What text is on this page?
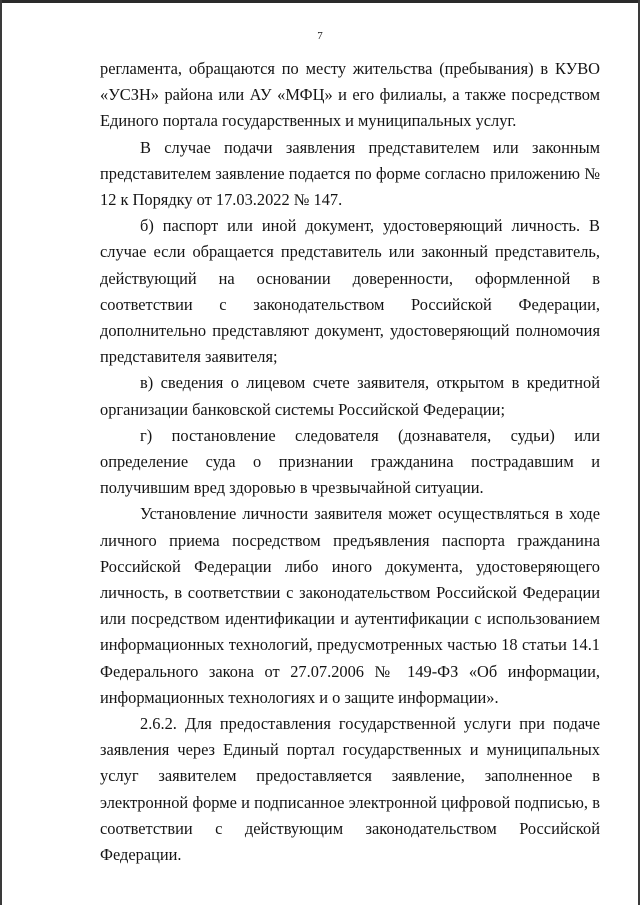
7

регламента, обращаются по месту жительства (пребывания) в КУВО «УСЗН» района или АУ «МФЦ» и его филиалы, а также посредством Единого портала государственных и муниципальных услуг.

В случае подачи заявления представителем или законным представителем заявление подается по форме согласно приложению № 12 к Порядку от 17.03.2022 № 147.

б) паспорт или иной документ, удостоверяющий личность. В случае если обращается представитель или законный представитель, действующий на основании доверенности, оформленной в соответствии с законодательством Российской Федерации, дополнительно представляют документ, удостоверяющий полномочия представителя заявителя;

в) сведения о лицевом счете заявителя, открытом в кредитной организации банковской системы Российской Федерации;

г) постановление следователя (дознавателя, судьи) или определение суда о признании гражданина пострадавшим и получившим вред здоровью в чрезвычайной ситуации.

Установление личности заявителя может осуществляться в ходе личного приема посредством предъявления паспорта гражданина Российской Федерации либо иного документа, удостоверяющего личность, в соответствии с законодательством Российской Федерации или посредством идентификации и аутентификации с использованием информационных технологий, предусмотренных частью 18 статьи 14.1 Федерального закона от 27.07.2006 № 149-ФЗ «Об информации, информационных технологиях и о защите информации».

2.6.2. Для предоставления государственной услуги при подаче заявления через Единый портал государственных и муниципальных услуг заявителем предоставляется заявление, заполненное в электронной форме и подписанное электронной цифровой подписью, в соответствии с действующим законодательством Российской Федерации.
